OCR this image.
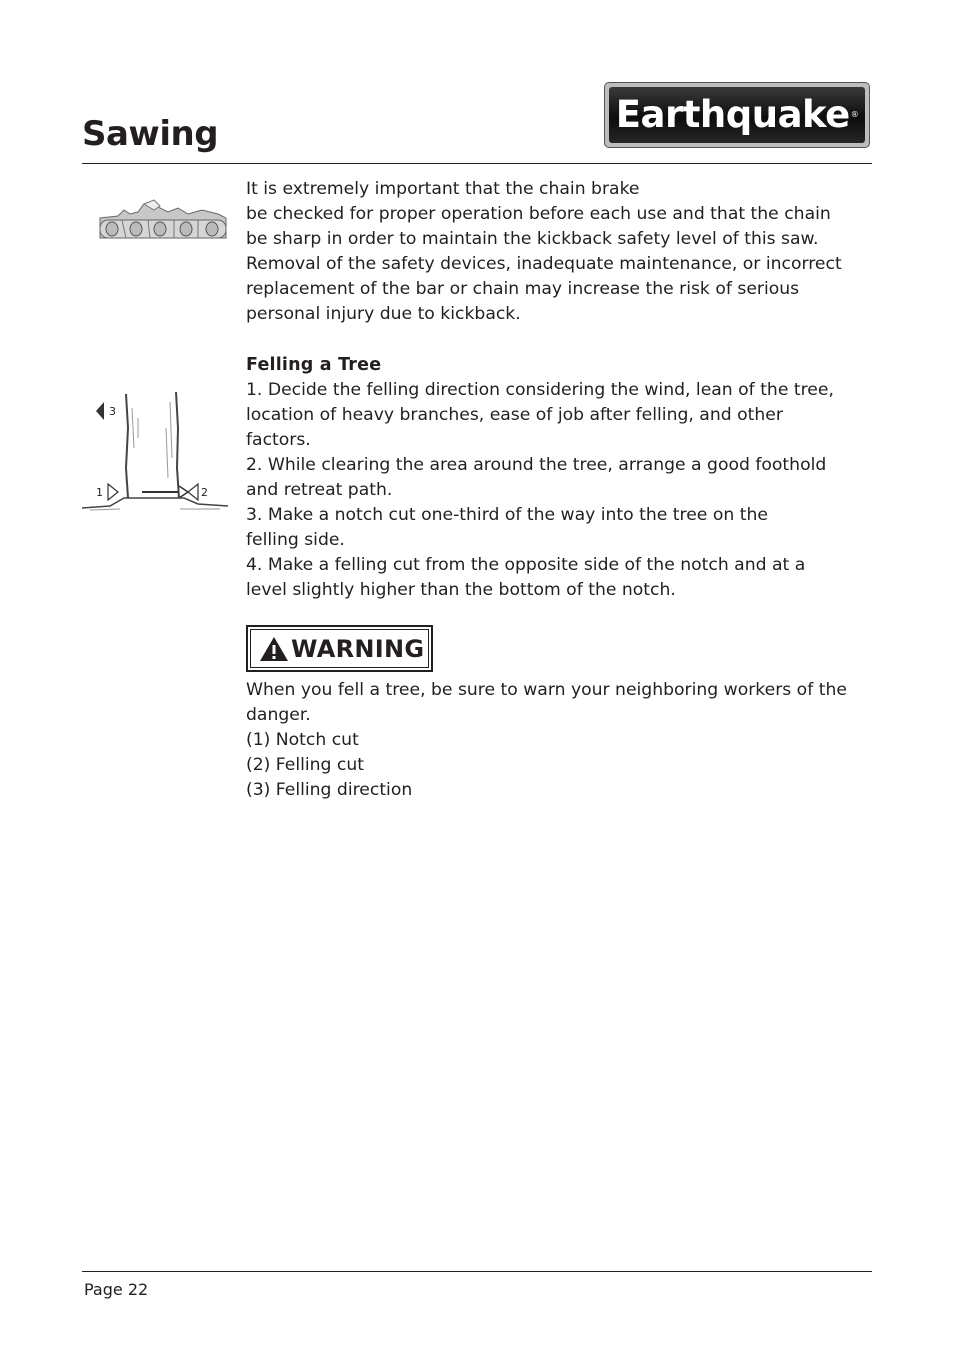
Sawing	Earthquake ®

It is extremely important that the chain brake

be checked for proper operation before each use and that the chain

be sharp in order to maintain the kickback safety level of this saw.

Removal of the safety devices, inadequate maintenance, or incorrect

replacement of the bar or chain may increase the risk of serious

personal injury due to kickback.

3
1	2

Felling a Tree

1. Decide the felling direction considering the wind, lean of the tree,

location of heavy branches, ease of job after felling, and other

factors.

2. While clearing the area around the tree, arrange a good foothold

and retreat path.

3. Make a notch cut one-third of the way into the tree on the

felling side.

4. Make a felling cut from the opposite side of the notch and at a

level slightly higher than the bottom of the notch.

WARNING

When you fell a tree, be sure to warn your neighboring workers of the

danger.

(1) Notch cut

(2) Felling cut

(3) Felling direction

Page 22
